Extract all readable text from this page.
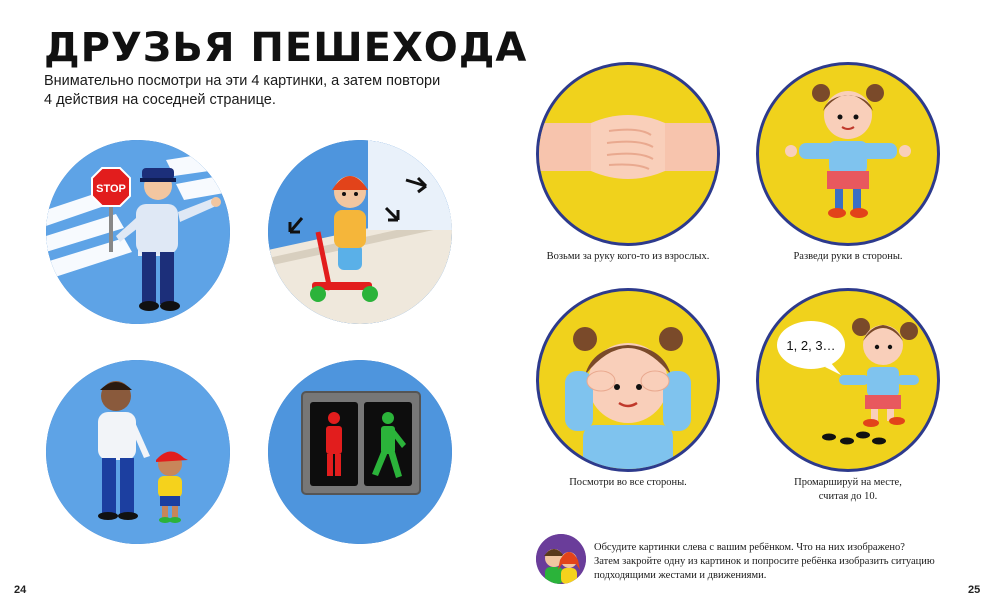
ДРУЗЬЯ ПЕШЕХОДА

Внимательно посмотри на эти 4 картинки, а затем повтори
4 действия на соседней странице.

STOP
24
Возьми за руку кого-то из взрослых.	Разведи руки в стороны.
Посмотри во все стороны.
1, 2, 3…
Промаршируй на месте,
считая до 10.
Обсудите картинки слева с вашим ребёнком. Что на них изображено?
Затем закройте одну из картинок и попросите ребёнка изобразить ситуацию
подходящими жестами и движениями.
25
